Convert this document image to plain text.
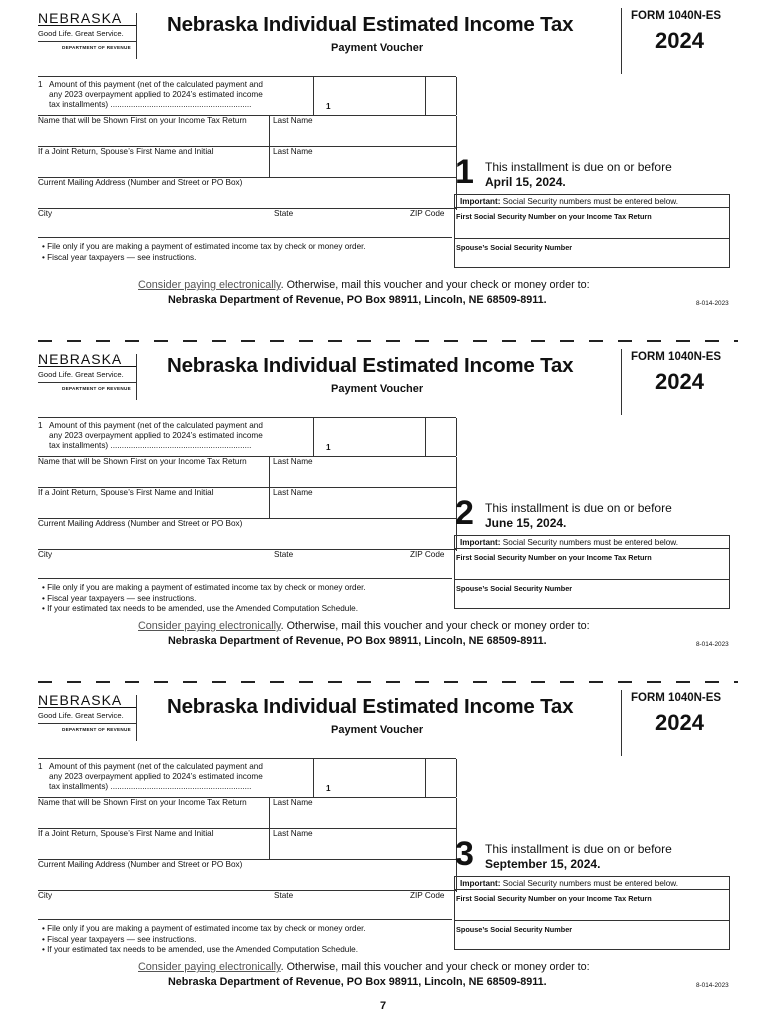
NEBRASKA
Good Life. Great Service.
DEPARTMENT OF REVENUE
Nebraska Individual Estimated Income Tax
Payment Voucher
FORM 1040N-ES
2024
1 Amount of this payment (net of the calculated payment and
any 2023 overpayment applied to 2024’s estimated income
tax installments) ..............................................................	1
Name that will be Shown First on your Income Tax Return	Last Name
If a Joint Return, Spouse’s First Name and Initial	Last Name
Current Mailing Address (Number and Street or PO Box)
City	State	ZIP Code
1 This installment is due on or before
April 15, 2024.
Important: Social Security numbers must be entered below.
First Social Security Number on your Income Tax Return
Spouse’s Social Security Number
• File only if you are making a payment of estimated income tax by check or money order.
• Fiscal year taxpayers — see instructions.
Consider paying electronically. Otherwise, mail this voucher and your check or money order to:
Nebraska Department of Revenue, PO Box 98911, Lincoln, NE 68509-8911.	8-014-2023
NEBRASKA
Good Life. Great Service.
DEPARTMENT OF REVENUE
Nebraska Individual Estimated Income Tax
Payment Voucher
FORM 1040N-ES
2024
1 Amount of this payment (net of the calculated payment and
any 2023 overpayment applied to 2024’s estimated income
tax installments) ..............................................................	1
Name that will be Shown First on your Income Tax Return	Last Name
If a Joint Return, Spouse’s First Name and Initial	Last Name
Current Mailing Address (Number and Street or PO Box)
City	State	ZIP Code
2 This installment is due on or before
June 15, 2024.
Important: Social Security numbers must be entered below.
First Social Security Number on your Income Tax Return
Spouse’s Social Security Number
• File only if you are making a payment of estimated income tax by check or money order.
• Fiscal year taxpayers — see instructions.
• If your estimated tax needs to be amended, use the Amended Computation Schedule.
Consider paying electronically. Otherwise, mail this voucher and your check or money order to:
Nebraska Department of Revenue, PO Box 98911, Lincoln, NE 68509-8911.	8-014-2023
NEBRASKA
Good Life. Great Service.
DEPARTMENT OF REVENUE
Nebraska Individual Estimated Income Tax
Payment Voucher
FORM 1040N-ES
2024
1 Amount of this payment (net of the calculated payment and
any 2023 overpayment applied to 2024’s estimated income
tax installments) ..............................................................	1
Name that will be Shown First on your Income Tax Return	Last Name
If a Joint Return, Spouse’s First Name and Initial	Last Name
Current Mailing Address (Number and Street or PO Box)
City	State	ZIP Code
3 This installment is due on or before
September 15, 2024.
Important: Social Security numbers must be entered below.
First Social Security Number on your Income Tax Return
Spouse’s Social Security Number
• File only if you are making a payment of estimated income tax by check or money order.
• Fiscal year taxpayers — see instructions.
• If your estimated tax needs to be amended, use the Amended Computation Schedule.
Consider paying electronically. Otherwise, mail this voucher and your check or money order to:
Nebraska Department of Revenue, PO Box 98911, Lincoln, NE 68509-8911.	8-014-2023
7
